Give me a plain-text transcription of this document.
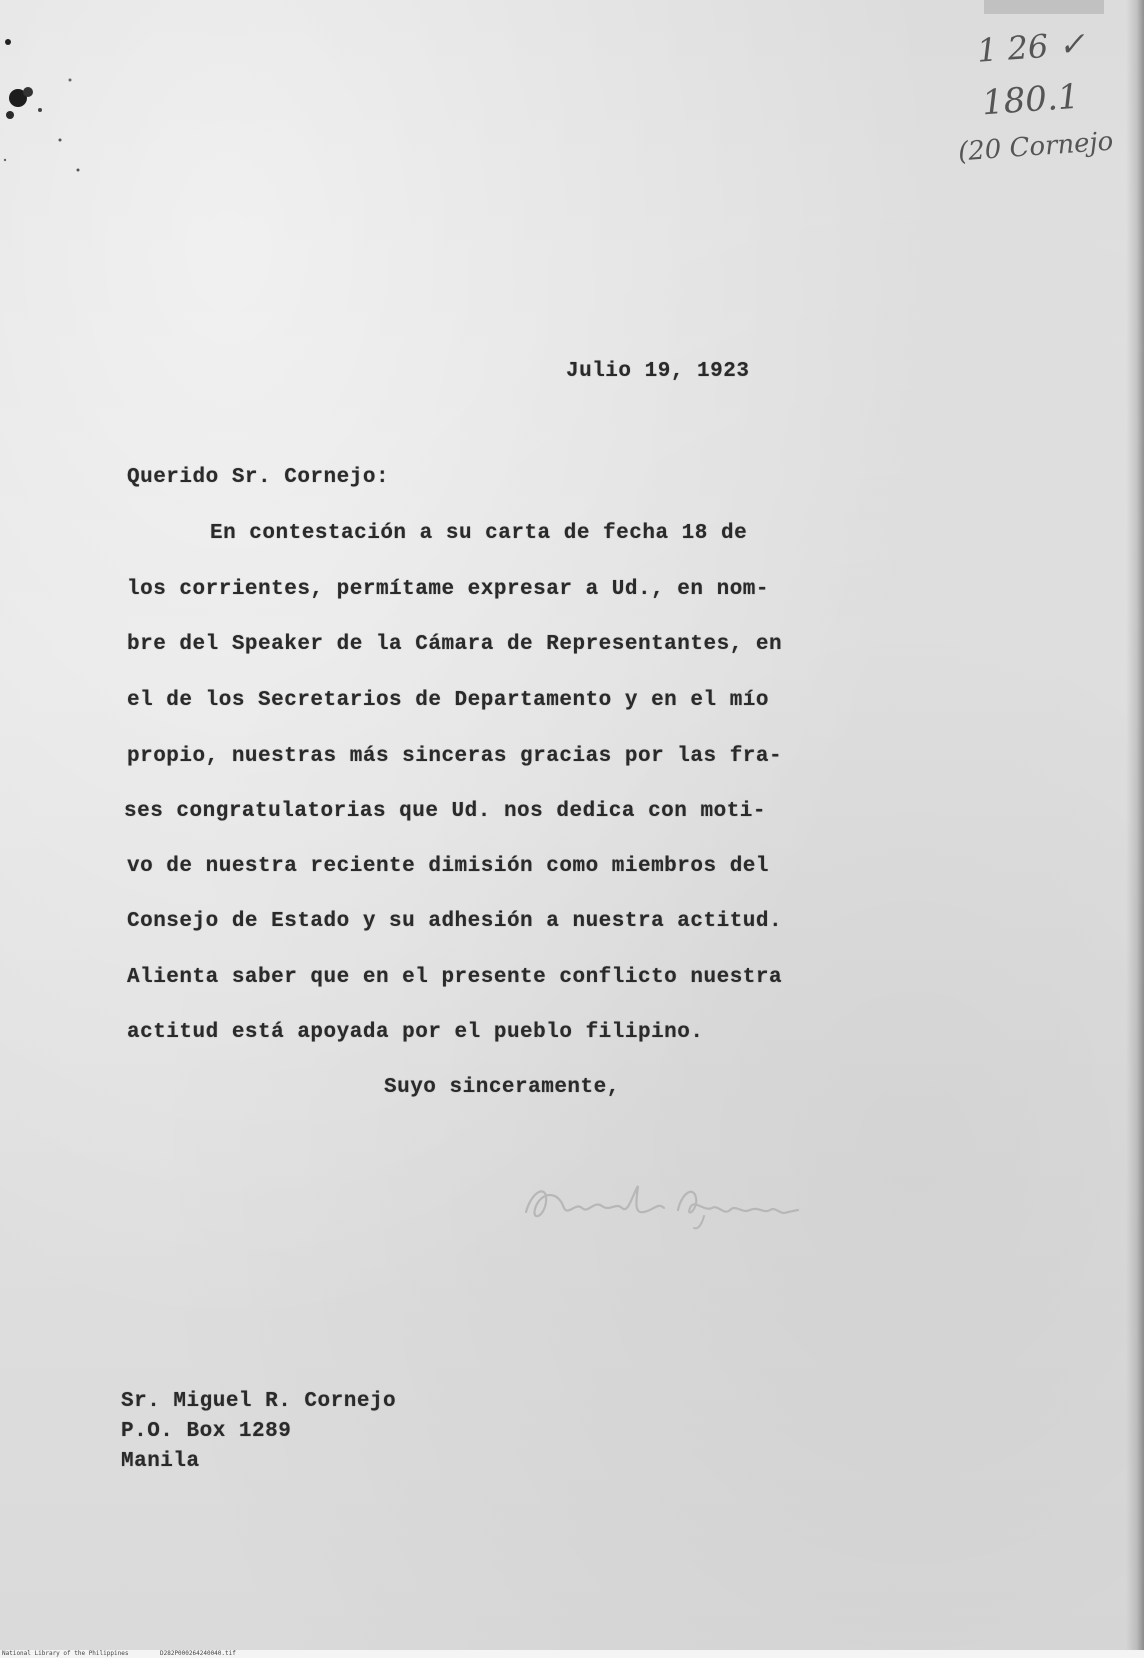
1 26 ✓
180.1
(20 Cornejo
Julio 19, 1923
Querido Sr. Cornejo:
En contestación a su carta de fecha 18 de
los corrientes, permítame expresar a Ud., en nom-
bre del Speaker de la Cámara de Representantes, en
el de los Secretarios de Departamento y en el mío
propio, nuestras más sinceras gracias por las fra-
ses congratulatorias que Ud. nos dedica con moti-
vo de nuestra reciente dimisión como miembros del
Consejo de Estado y su adhesión a nuestra actitud.
Alienta saber que en el presente conflicto nuestra
actitud está apoyada por el pueblo filipino.
Suyo sinceramente,
Sr. Miguel R. Cornejo
P.O. Box 1289
Manila
National Library of the Philippines	D282P000264240040.tif
